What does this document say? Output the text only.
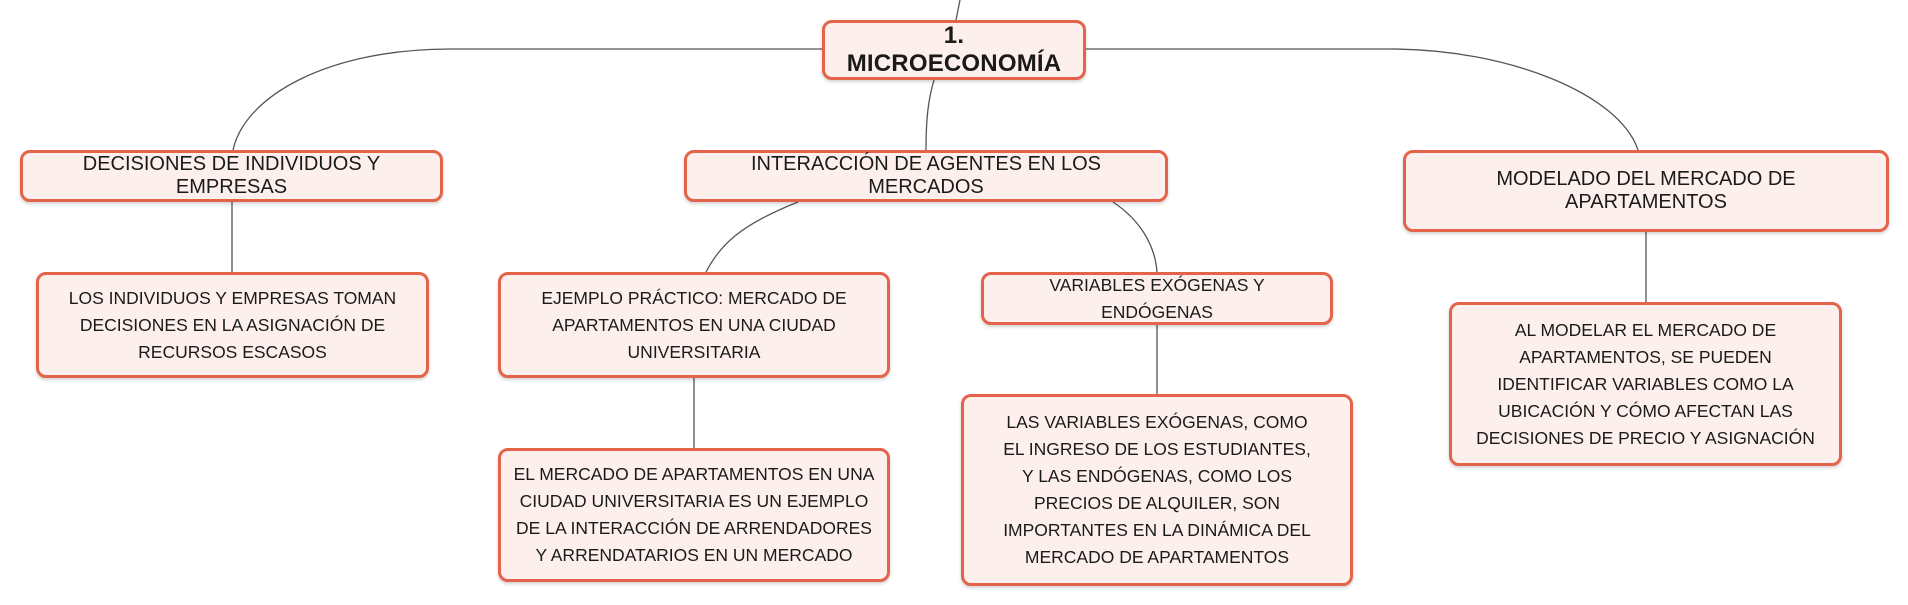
1. MICROECONOMÍA
DECISIONES DE INDIVIDUOS Y EMPRESAS
INTERACCIÓN DE AGENTES EN LOS MERCADOS	MODELADO DEL MERCADO DE APARTAMENTOS
LOS INDIVIDUOS Y EMPRESAS TOMAN DECISIONES EN LA ASIGNACIÓN DE RECURSOS ESCASOS
EJEMPLO PRÁCTICO: MERCADO DE APARTAMENTOS EN UNA CIUDAD UNIVERSITARIA
VARIABLES EXÓGENAS Y ENDÓGENAS
AL MODELAR EL MERCADO DE APARTAMENTOS, SE PUEDEN IDENTIFICAR VARIABLES COMO LA UBICACIÓN Y CÓMO AFECTAN LAS DECISIONES DE PRECIO Y ASIGNACIÓN
EL MERCADO DE APARTAMENTOS EN UNA CIUDAD UNIVERSITARIA ES UN EJEMPLO DE LA INTERACCIÓN DE ARRENDADORES Y ARRENDATARIOS EN UN MERCADO
LAS VARIABLES EXÓGENAS, COMO EL INGRESO DE LOS ESTUDIANTES, Y LAS ENDÓGENAS, COMO LOS PRECIOS DE ALQUILER, SON IMPORTANTES EN LA DINÁMICA DEL MERCADO DE APARTAMENTOS
